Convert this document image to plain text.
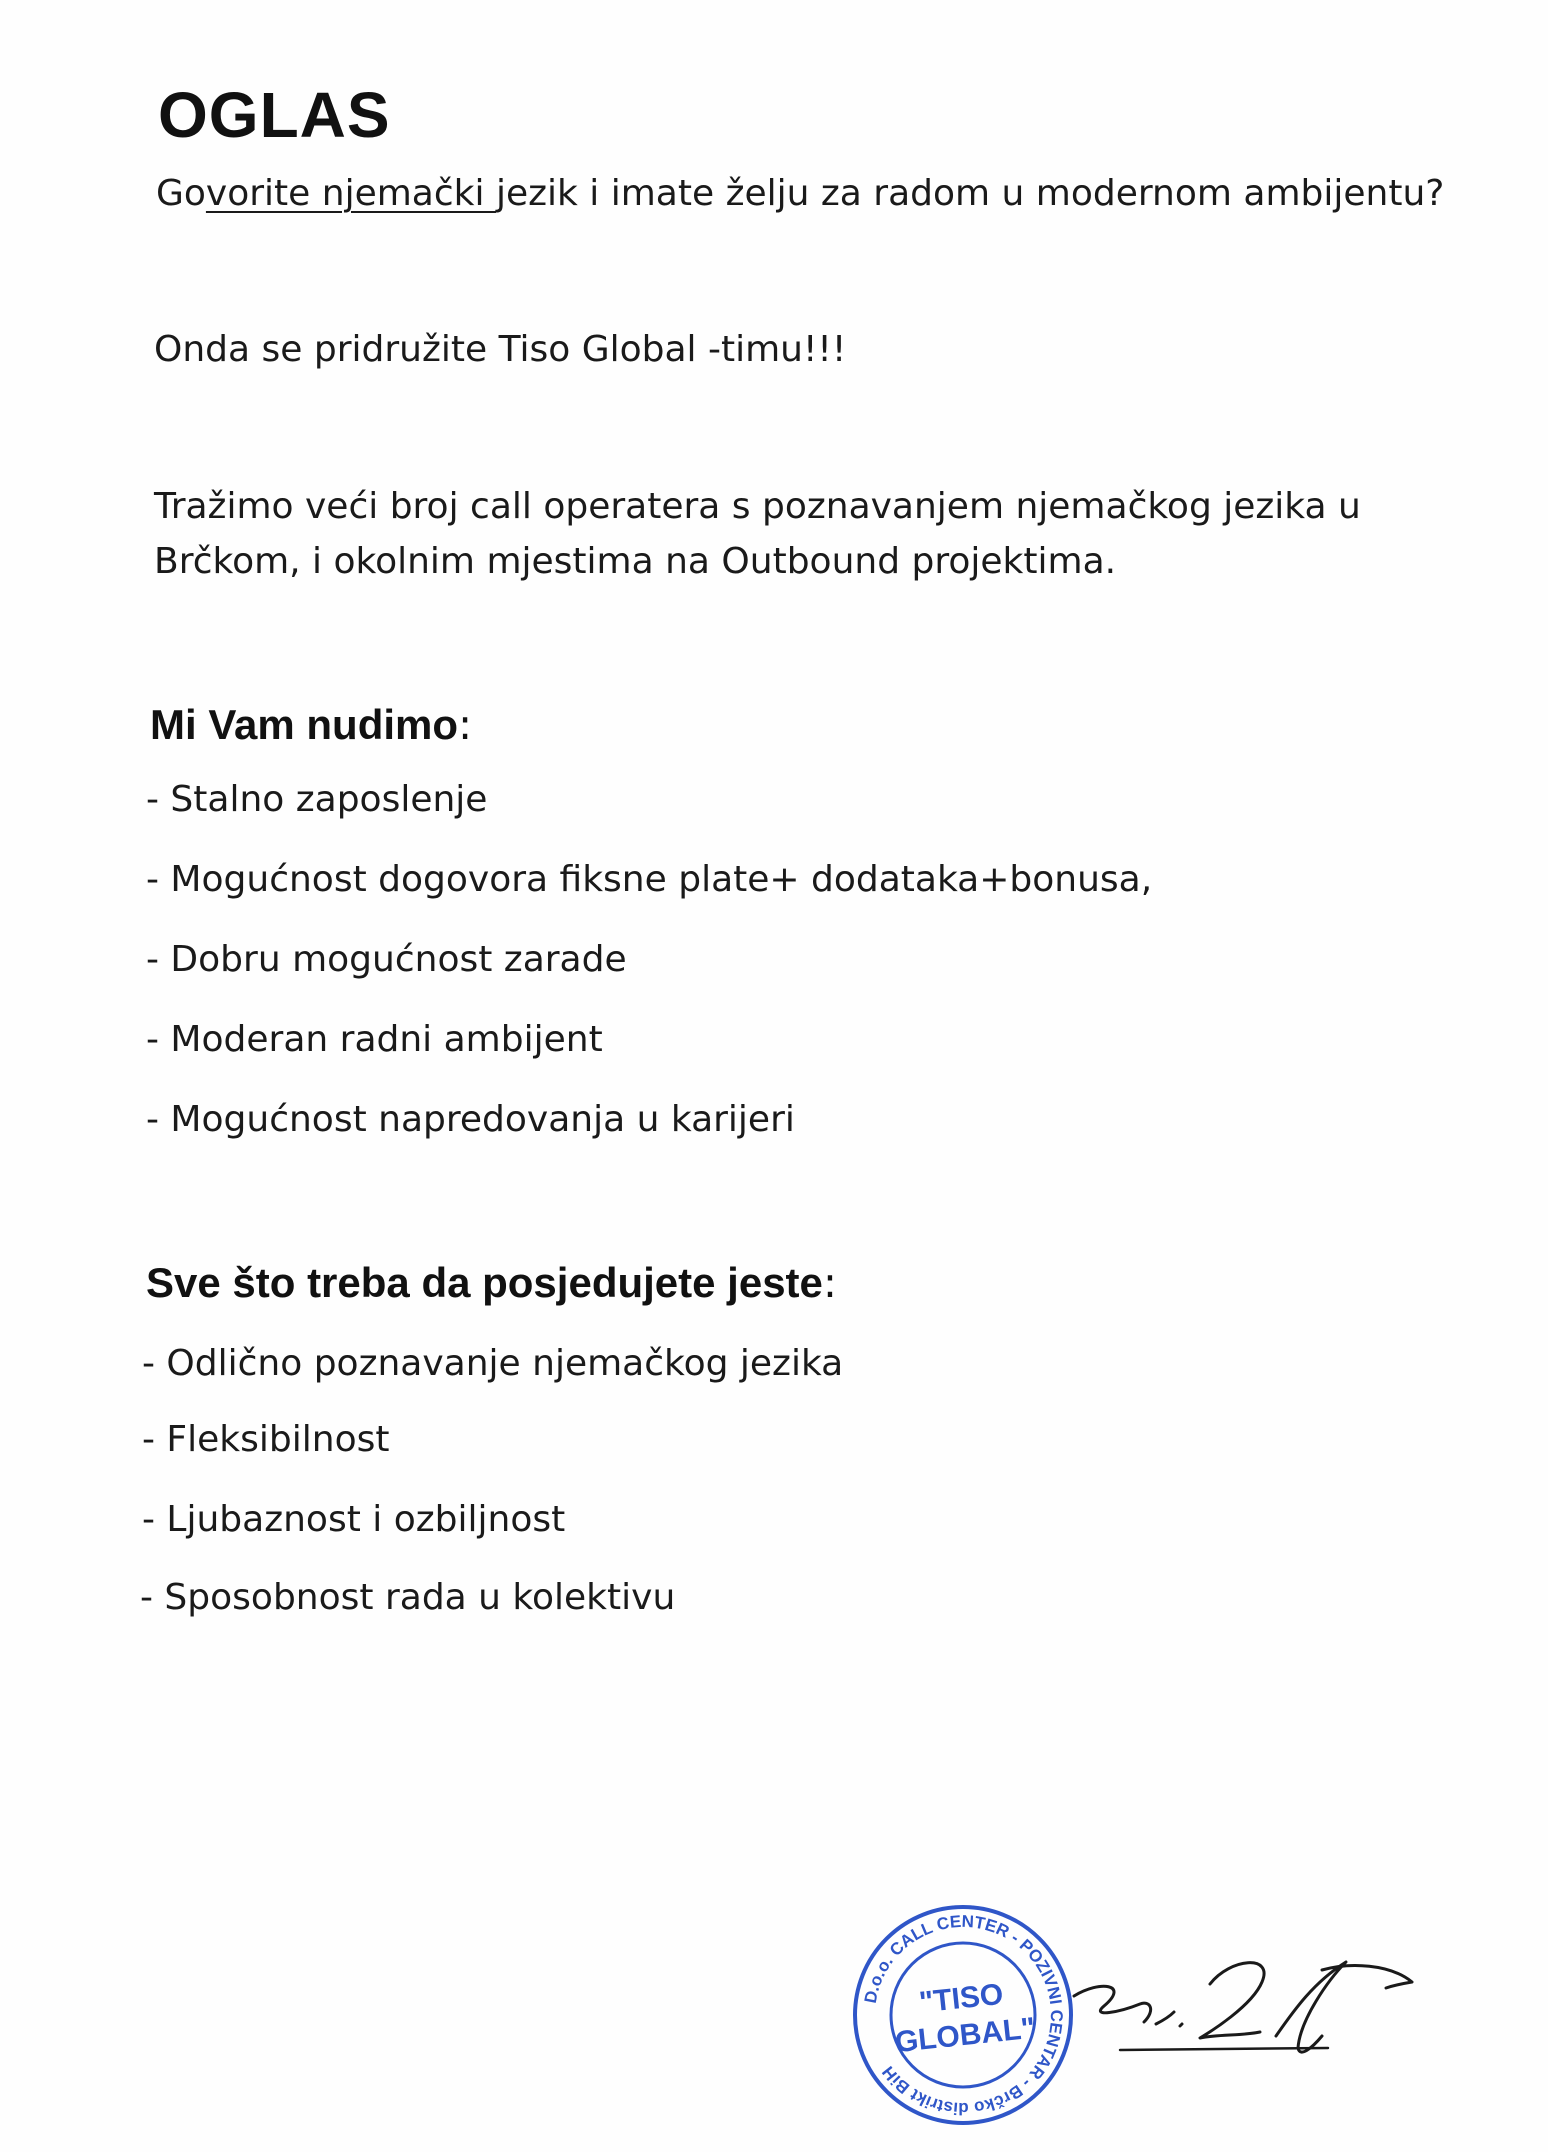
OGLAS
Govorite njemački jezik i imate želju za radom u modernom ambijentu?
Onda se pridružite Tiso Global -timu!!!
Tražimo veći broj call operatera s poznavanjem njemačkog jezika u
Brčkom, i okolnim mjestima na Outbound projektima.
Mi Vam nudimo:
- Stalno zaposlenje
- Mogućnost dogovora fiksne plate+ dodataka+bonusa,
- Dobru mogućnost zarade
- Moderan radni ambijent
- Mogućnost napredovanja u karijeri
Sve što treba da posjedujete jeste:
- Odlično poznavanje njemačkog jezika
- Fleksibilnost
- Ljubaznost i ozbiljnost
- Sposobnost rada u kolektivu
D.o.o. CALL CENTER - POZIVNI CENTAR - Brčko distrikt BiH
"TISO
GLOBAL"
